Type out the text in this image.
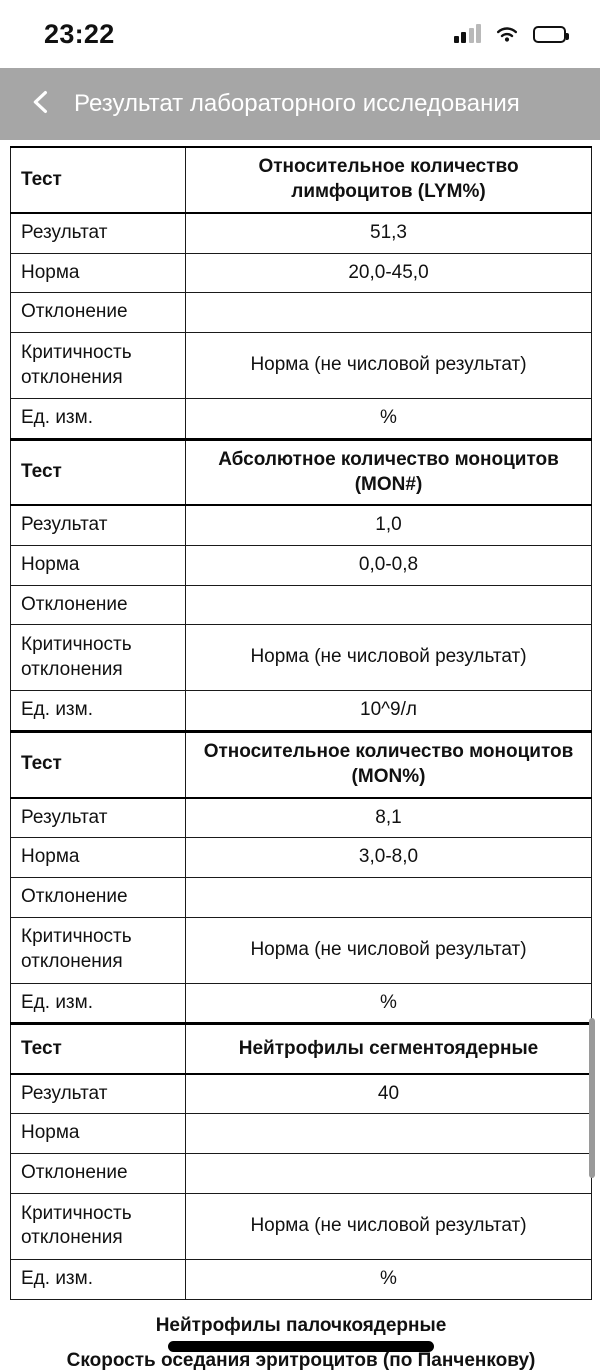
23:22
Результат лабораторного исследования
Тест	Относительное количество лимфоцитов (LYM%)
Результат	51,3
Норма	20,0-45,0
Отклонение	
Критичность отклонения	Норма (не числовой результат)
Ед. изм.	%
Тест	Абсолютное количество моноцитов (MON#)
Результат	1,0
Норма	0,0-0,8
Отклонение	
Критичность отклонения	Норма (не числовой результат)
Ед. изм.	10^9/л
Тест	Относительное количество моноцитов (MON%)
Результат	8,1
Норма	3,0-8,0
Отклонение	
Критичность отклонения	Норма (не числовой результат)
Ед. изм.	%
Тест	Нейтрофилы сегментоядерные
Результат	40
Норма	
Отклонение	
Критичность отклонения	Норма (не числовой результат)
Ед. изм.	%
Нейтрофилы палочкоядерные
Скорость оседания эритроцитов (по Панченкову)
